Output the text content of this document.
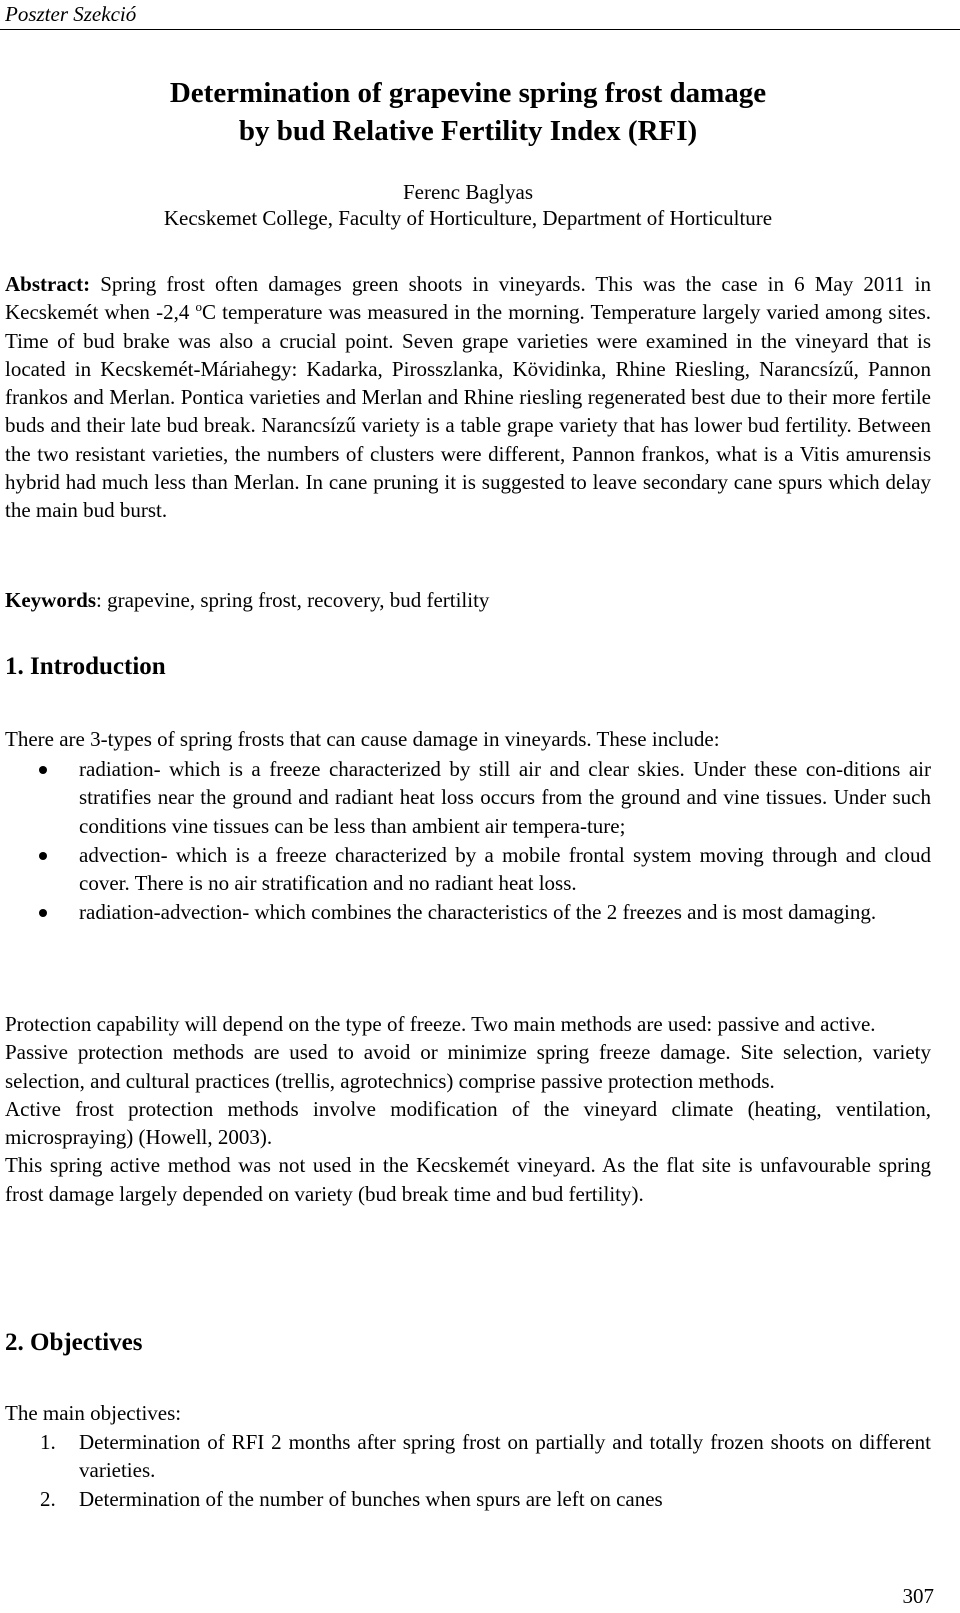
Poszter Szekció
Determination of grapevine spring frost damage
by bud Relative Fertility Index (RFI)
Ferenc Baglyas
Kecskemet College, Faculty of Horticulture, Department of Horticulture
Abstract: Spring frost often damages green shoots in vineyards. This was the case in 6 May 2011 in Kecskemét when -2,4 $^o$C temperature was measured in the morning. Temperature largely varied among sites. Time of bud brake was also a crucial point. Seven grape varieties were examined in the vineyard that is located in Kecskemét-Máriahegy: Kadarka, Pirosszlanka, Kövidinka, Rhine Riesling, Narancsízű, Pannon frankos and Merlan. Pontica varieties and Merlan and Rhine riesling regenerated best due to their more fertile buds and their late bud break. Narancsízű variety is a table grape variety that has lower bud fertility. Between the two resistant varieties, the numbers of clusters were different, Pannon frankos, what is a Vitis amurensis hybrid had much less than Merlan. In cane pruning it is suggested to leave secondary cane spurs which delay the main bud burst.
Keywords: grapevine, spring frost, recovery, bud fertility
1. Introduction
There are 3-types of spring frosts that can cause damage in vineyards. These include:
radiation- which is a freeze characterized by still air and clear skies. Under these con-ditions air stratifies near the ground and radiant heat loss occurs from the ground and vine tissues. Under such conditions vine tissues can be less than ambient air tempera-ture;
advection- which is a freeze characterized by a mobile frontal system moving through and cloud cover. There is no air stratification and no radiant heat loss.
radiation-advection- which combines the characteristics of the 2 freezes and is most damaging.
Protection capability will depend on the type of freeze. Two main methods are used: passive and active.
Passive protection methods are used to avoid or minimize spring freeze damage. Site selection, variety selection, and cultural practices (trellis, agrotechnics) comprise passive protection methods.
Active frost protection methods involve modification of the vineyard climate (heating, ventilation, microspraying) (Howell, 2003).
This spring active method was not used in the Kecskemét vineyard. As the flat site is unfavourable spring frost damage largely depended on variety (bud break time and bud fertility).
2. Objectives
The main objectives:
1. Determination of RFI 2 months after spring frost on partially and totally frozen shoots on different varieties.
2. Determination of the number of bunches when spurs are left on canes
307
